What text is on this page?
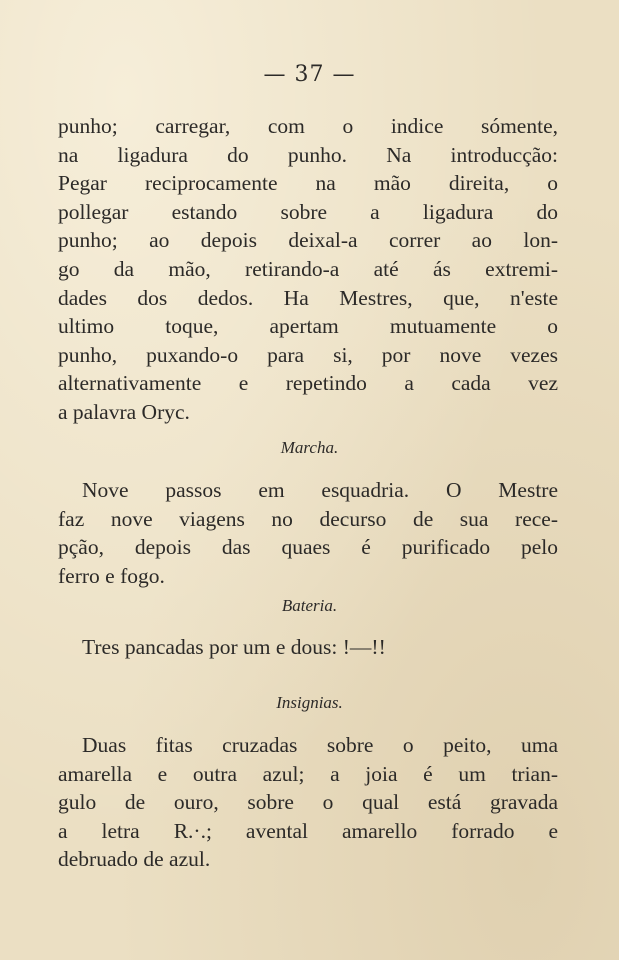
— 37 —
punho; carregar, com o indice sómente,
na ligadura do punho. Na introducção:
Pegar reciprocamente na mão direita, o
pollegar estando sobre a ligadura do
punho; ao depois deixal-a correr ao lon-
go da mão, retirando-a até ás extremi-
dades dos dedos. Ha Mestres, que, n'este
ultimo toque, apertam mutuamente o
punho, puxando-o para si, por nove vezes
alternativamente e repetindo a cada vez
a palavra Oryc.
Marcha.
Nove passos em esquadria. O Mestre
faz nove viagens no decurso de sua rece-
pção, depois das quaes é purificado pelo
ferro e fogo.
Bateria.
Tres pancadas por um e dous: !—!!
Insignias.
Duas fitas cruzadas sobre o peito, uma
amarella e outra azul; a joia é um trian-
gulo de ouro, sobre o qual está gravada
a letra R.·.; avental amarello forrado e
debruado de azul.
